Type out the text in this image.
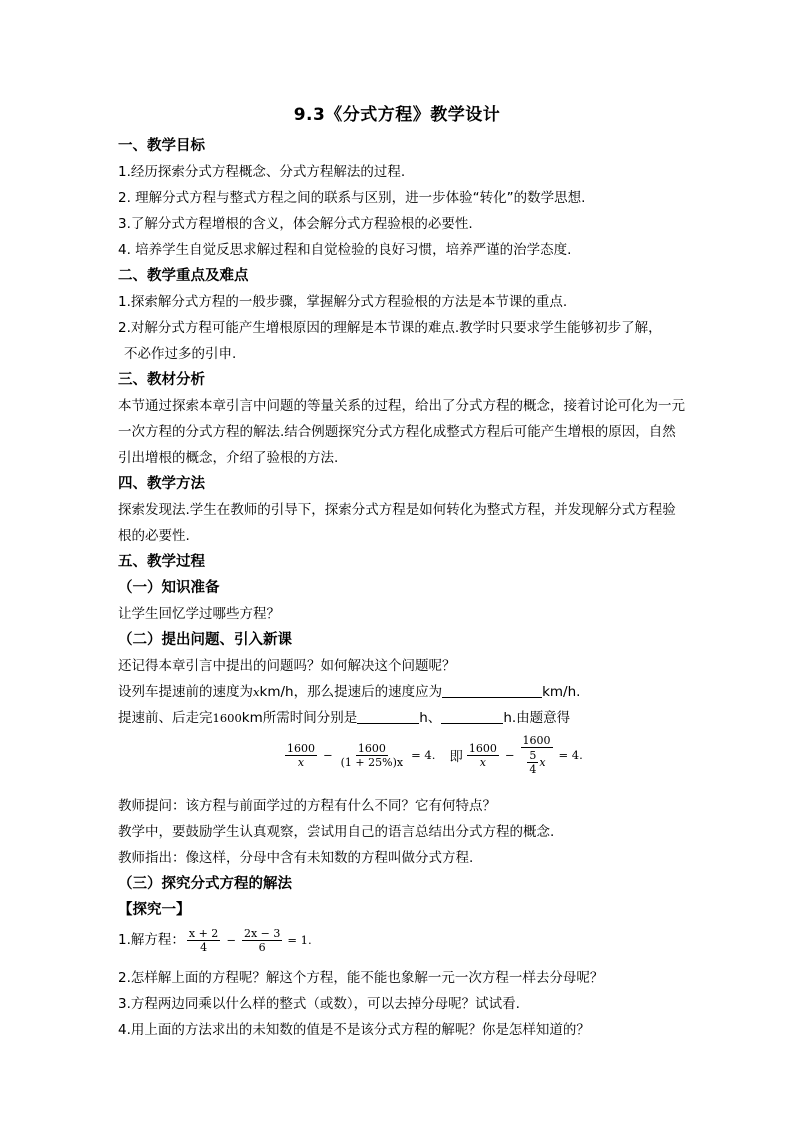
9.3《分式方程》教学设计
一、教学目标
1.经历探索分式方程概念、分式方程解法的过程.
2. 理解分式方程与整式方程之间的联系与区别，进一步体验“转化”的数学思想.
3.了解分式方程增根的含义，体会解分式方程验根的必要性.
4. 培养学生自觉反思求解过程和自觉检验的良好习惯，培养严谨的治学态度.
二、教学重点及难点
1.探索解分式方程的一般步骤，掌握解分式方程验根的方法是本节课的重点.
2.对解分式方程可能产生增根原因的理解是本节课的难点.教学时只要求学生能够初步了解，
不必作过多的引申.
三、教材分析
本节通过探索本章引言中问题的等量关系的过程，给出了分式方程的概念，接着讨论可化为一元
一次方程的分式方程的解法.结合例题探究分式方程化成整式方程后可能产生增根的原因，自然
引出增根的概念，介绍了验根的方法.
四、教学方法
探索发现法.学生在教师的引导下，探索分式方程是如何转化为整式方程，并发现解分式方程验
根的必要性.
五、教学过程
（一）知识准备
让学生回忆学过哪些方程？
（二）提出问题、引入新课
还记得本章引言中提出的问题吗？如何解决这个问题呢？
设列车提速前的速度为xkm/h，那么提速后的速度应为	km/h.
提速前、后走完1600km所需时间分别是	h、	h.由题意得
$\frac{1600}{x} - \frac{1600}{(1 + 25\%)x} = 4$. 即 $\frac{1600}{x} - \frac{1600}{\frac{5}{4} x} = 4$.
教师提问：该方程与前面学过的方程有什么不同？它有何特点？
教学中，要鼓励学生认真观察，尝试用自己的语言总结出分式方程的概念.
教师指出：像这样，分母中含有未知数的方程叫做分式方程.
（三）探究分式方程的解法
【探究一】
1.解方程： $\frac{x + 2}{4} - \frac{2x - 3}{6} = 1$.
2.怎样解上面的方程呢？解这个方程，能不能也象解一元一次方程一样去分母呢？
3.方程两边同乘以什么样的整式（或数），可以去掉分母呢？试试看.
4.用上面的方法求出的未知数的值是不是该分式方程的解呢？你是怎样知道的？
